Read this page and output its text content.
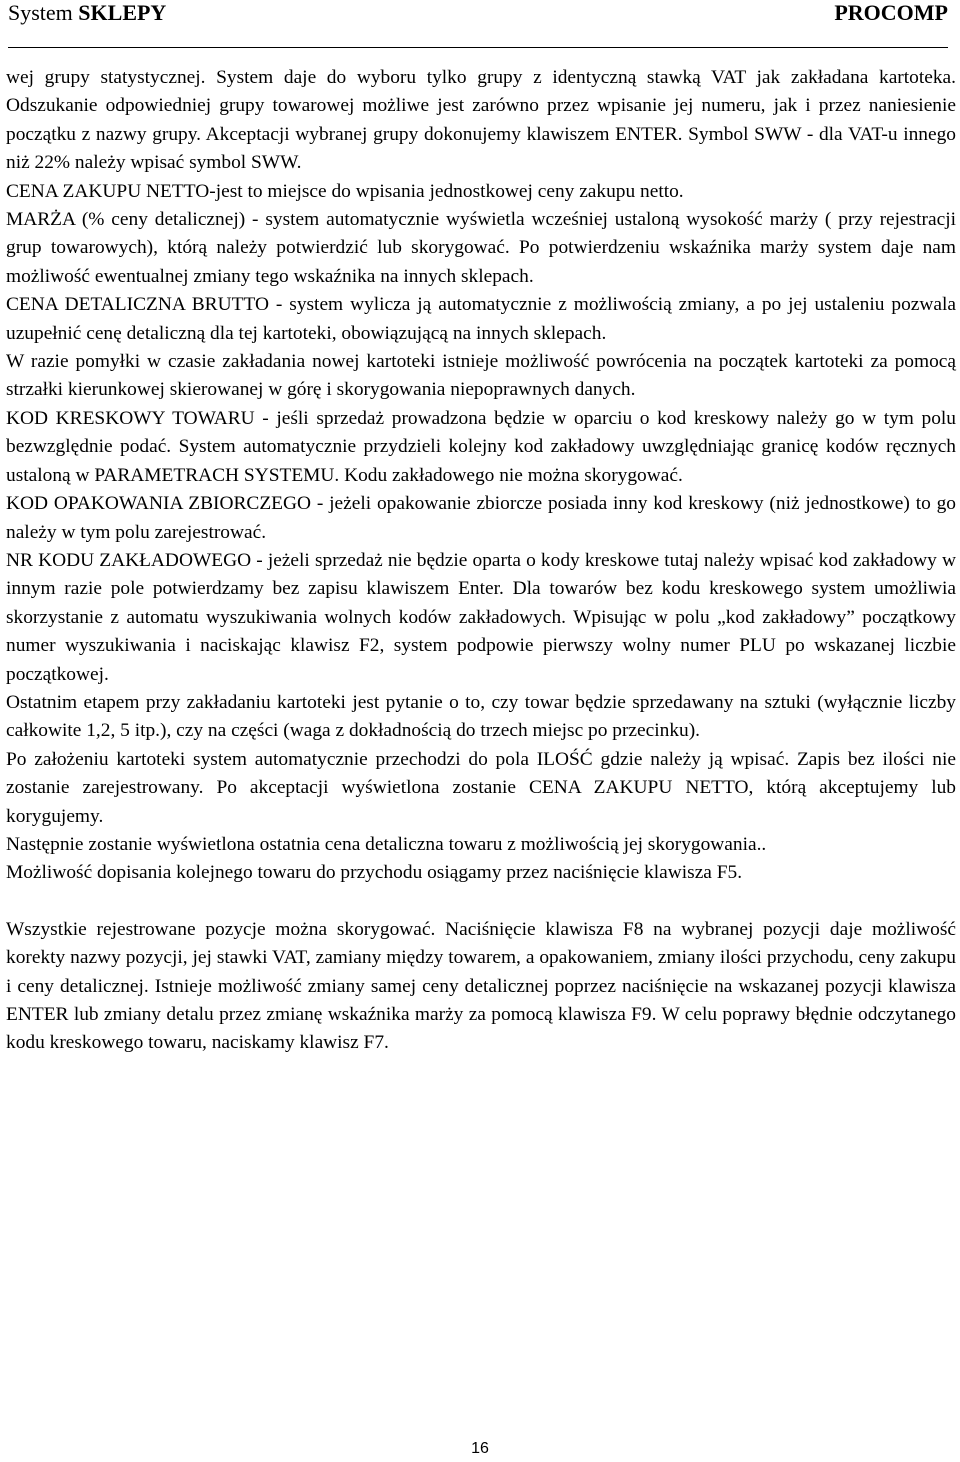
System SKLEPY	PROCOMP

wej grupy statystycznej. System daje do wyboru tylko grupy z identyczną stawką VAT jak zakładana kartoteka. Odszukanie odpowiedniej grupy towarowej możliwe jest zarówno przez wpisanie jej numeru, jak i przez naniesienie początku z nazwy grupy. Akceptacji wybranej grupy dokonujemy klawiszem ENTER. Symbol SWW - dla VAT-u innego niż 22% należy wpisać symbol SWW.

CENA ZAKUPU NETTO-jest to miejsce do wpisania jednostkowej ceny zakupu netto.

MARŻA (% ceny detalicznej) - system automatycznie wyświetla wcześniej ustaloną wysokość marży ( przy rejestracji grup towarowych), którą należy potwierdzić lub skorygować. Po potwierdzeniu wskaźnika marży system daje nam możliwość ewentualnej zmiany tego wskaźnika na innych sklepach.

CENA DETALICZNA BRUTTO - system wylicza ją automatycznie z możliwością zmiany, a po jej ustaleniu pozwala uzupełnić cenę detaliczną dla tej kartoteki, obowiązującą na innych sklepach.

W razie pomyłki w czasie zakładania nowej kartoteki istnieje możliwość powrócenia na początek kartoteki za pomocą strzałki kierunkowej skierowanej w górę i skorygowania niepoprawnych danych.

KOD KRESKOWY TOWARU - jeśli sprzedaż prowadzona będzie w oparciu o kod kreskowy należy go w tym polu bezwzględnie podać. System automatycznie przydzieli kolejny kod zakładowy uwzględniając granicę kodów ręcznych ustaloną w PARAMETRACH SYSTEMU. Kodu zakładowego nie można skorygować.

KOD OPAKOWANIA ZBIORCZEGO - jeżeli opakowanie zbiorcze posiada inny kod kreskowy (niż jednostkowe) to go należy w tym polu zarejestrować.

NR KODU ZAKŁADOWEGO - jeżeli sprzedaż nie będzie oparta o kody kreskowe tutaj należy wpisać kod zakładowy w innym razie pole potwierdzamy bez zapisu klawiszem Enter. Dla towarów bez kodu kreskowego system umożliwia skorzystanie z automatu wyszukiwania wolnych kodów zakładowych. Wpisując w polu „kod zakładowy” początkowy numer wyszukiwania i naciskając klawisz F2, system podpowie pierwszy wolny numer PLU po wskazanej liczbie początkowej.

Ostatnim etapem przy zakładaniu kartoteki jest pytanie o to, czy towar będzie sprzedawany na sztuki (wyłącznie liczby całkowite 1,2, 5 itp.), czy na części (waga z dokładnością do trzech miejsc po przecinku).

Po założeniu kartoteki system automatycznie przechodzi do pola ILOŚĆ gdzie należy ją wpisać. Zapis bez ilości nie zostanie zarejestrowany. Po akceptacji wyświetlona zostanie CENA ZAKUPU NETTO, którą akceptujemy lub korygujemy.

Następnie zostanie wyświetlona ostatnia cena detaliczna towaru z możliwością jej skorygowania..

Możliwość dopisania kolejnego towaru do przychodu osiągamy przez naciśnięcie klawisza F5.

Wszystkie rejestrowane pozycje można skorygować. Naciśnięcie klawisza F8 na wybranej pozycji daje możliwość korekty nazwy pozycji, jej stawki VAT, zamiany między towarem, a opakowaniem, zmiany ilości przychodu, ceny zakupu i ceny detalicznej. Istnieje możliwość zmiany samej ceny detalicznej poprzez naciśnięcie na wskazanej pozycji klawisza ENTER lub zmiany detalu przez zmianę wskaźnika marży za pomocą klawisza F9. W celu poprawy błędnie odczytanego kodu kreskowego towaru, naciskamy klawisz F7.

16
